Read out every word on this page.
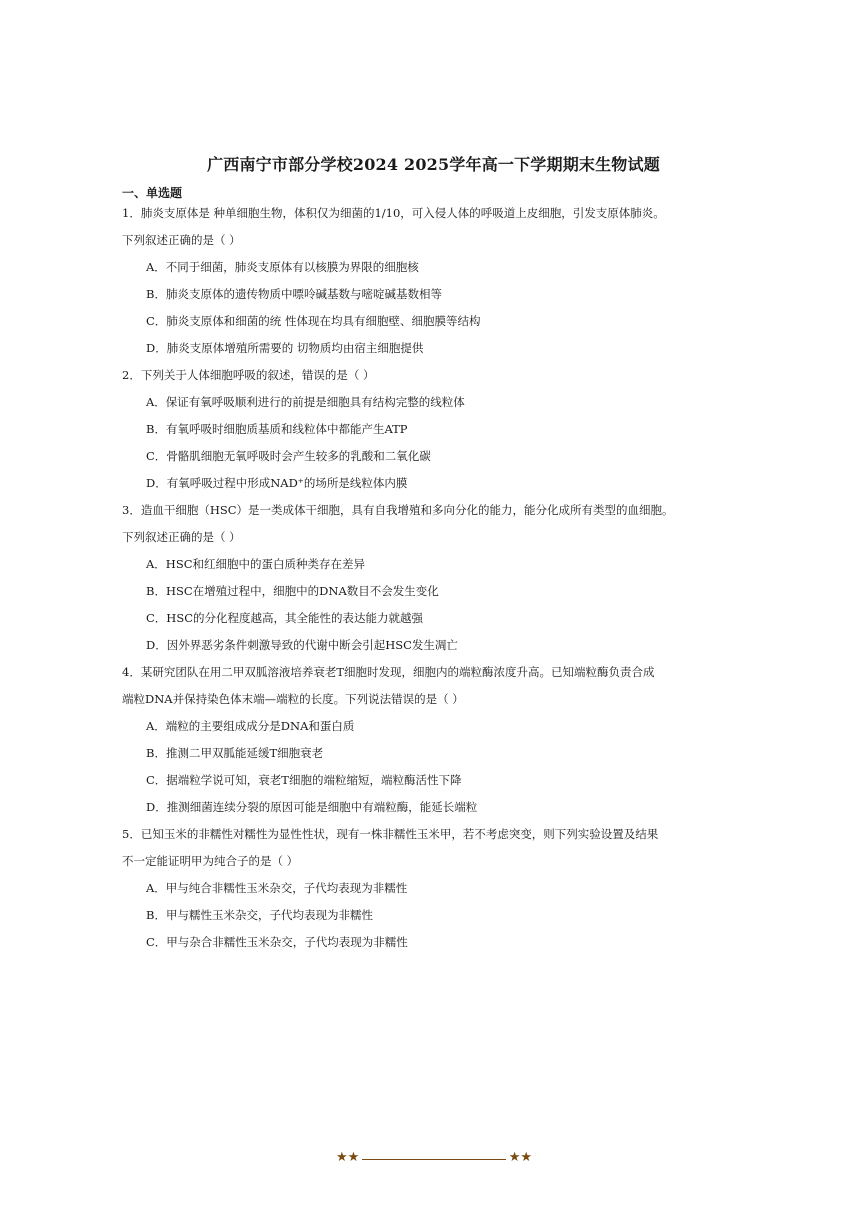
广西南宁市部分学校2024 2025学年高一下学期期末生物试题
一、单选题
1．肺炎支原体是 种单细胞生物，体积仅为细菌的1/10，可入侵人体的呼吸道上皮细胞，引发支原体肺炎。
下列叙述正确的是（ ）
A．不同于细菌，肺炎支原体有以核膜为界限的细胞核
B．肺炎支原体的遗传物质中嘌呤碱基数与嘧啶碱基数相等
C．肺炎支原体和细菌的统 性体现在均具有细胞壁、细胞膜等结构
D．肺炎支原体增殖所需要的 切物质均由宿主细胞提供
2．下列关于人体细胞呼吸的叙述，错误的是（ ）
A．保证有氧呼吸顺利进行的前提是细胞具有结构完整的线粒体
B．有氧呼吸时细胞质基质和线粒体中都能产生ATP
C．骨骼肌细胞无氧呼吸时会产生较多的乳酸和二氧化碳
D．有氧呼吸过程中形成NAD⁺的场所是线粒体内膜
3．造血干细胞（HSC）是一类成体干细胞，具有自我增殖和多向分化的能力，能分化成所有类型的血细胞。
下列叙述正确的是（ ）
A．HSC和红细胞中的蛋白质种类存在差异
B．HSC在增殖过程中，细胞中的DNA数目不会发生变化
C．HSC的分化程度越高，其全能性的表达能力就越强
D．因外界恶劣条件刺激导致的代谢中断会引起HSC发生凋亡
4．某研究团队在用二甲双胍溶液培养衰老T细胞时发现，细胞内的端粒酶浓度升高。已知端粒酶负责合成
端粒DNA并保持染色体末端—端粒的长度。下列说法错误的是（ ）
A．端粒的主要组成成分是DNA和蛋白质
B．推测二甲双胍能延缓T细胞衰老
C．据端粒学说可知，衰老T细胞的端粒缩短，端粒酶活性下降
D．推测细菌连续分裂的原因可能是细胞中有端粒酶，能延长端粒
5．已知玉米的非糯性对糯性为显性性状，现有一株非糯性玉米甲，若不考虑突变，则下列实验设置及结果
不一定能证明甲为纯合子的是（ ）
A．甲与纯合非糯性玉米杂交，子代均表现为非糯性
B．甲与糯性玉米杂交，子代均表现为非糯性
C．甲与杂合非糯性玉米杂交，子代均表现为非糯性
★★	★★
